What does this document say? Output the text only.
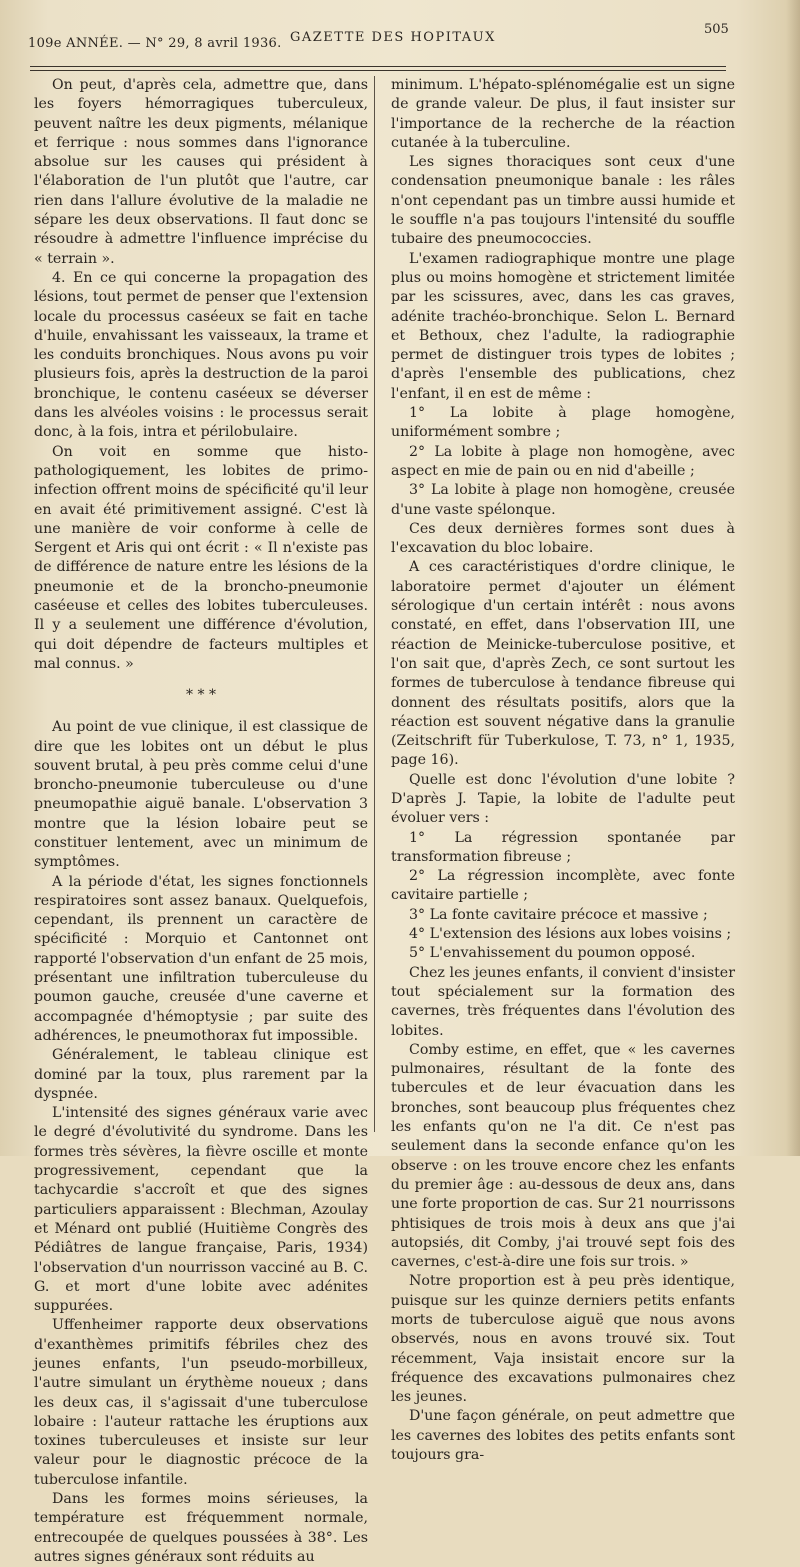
109e ANNÉE. — N° 29, 8 avril 1936. GAZETTE DES HOPITAUX
505

On peut, d'après cela, admettre que, dans les foyers hémorragiques tuberculeux, peuvent naître les deux pigments, mélanique et ferrique : nous sommes dans l'ignorance absolue sur les causes qui président à l'élaboration de l'un plutôt que l'autre, car rien dans l'allure évolutive de la maladie ne sépare les deux observations. Il faut donc se résoudre à admettre l'influence imprécise du « terrain ».

4. En ce qui concerne la propagation des lésions, tout permet de penser que l'extension locale du processus caséeux se fait en tache d'huile, envahissant les vaisseaux, la trame et les conduits bronchiques. Nous avons pu voir plusieurs fois, après la destruction de la paroi bronchique, le contenu caséeux se déverser dans les alvéoles voisins : le processus serait donc, à la fois, intra et périlobulaire.

On voit en somme que histo-pathologiquement, les lobites de primo-infection offrent moins de spécificité qu'il leur en avait été primitivement assigné. C'est là une manière de voir conforme à celle de Sergent et Aris qui ont écrit : « Il n'existe pas de différence de nature entre les lésions de la pneumonie et de la broncho-pneumonie caséeuse et celles des lobites tuberculeuses. Il y a seulement une différence d'évolution, qui doit dépendre de facteurs multiples et mal connus. »

* * *

Au point de vue clinique, il est classique de dire que les lobites ont un début le plus souvent brutal, à peu près comme celui d'une broncho-pneumonie tuberculeuse ou d'une pneumopathie aiguë banale. L'observation 3 montre que la lésion lobaire peut se constituer lentement, avec un minimum de symptômes.

A la période d'état, les signes fonctionnels respiratoires sont assez banaux. Quelquefois, cependant, ils prennent un caractère de spécificité : Morquio et Cantonnet ont rapporté l'observation d'un enfant de 25 mois, présentant une infiltration tuberculeuse du poumon gauche, creusée d'une caverne et accompagnée d'hémoptysie ; par suite des adhérences, le pneumothorax fut impossible.

Généralement, le tableau clinique est dominé par la toux, plus rarement par la dyspnée.

L'intensité des signes généraux varie avec le degré d'évolutivité du syndrome. Dans les formes très sévères, la fièvre oscille et monte progressivement, cependant que la tachycardie s'accroît et que des signes particuliers apparaissent : Blechman, Azoulay et Ménard ont publié (Huitième Congrès des Pédiâtres de langue française, Paris, 1934) l'observation d'un nourrisson vacciné au B. C. G. et mort d'une lobite avec adénites suppurées.

Uffenheimer rapporte deux observations d'exanthèmes primitifs fébriles chez des jeunes enfants, l'un pseudo-morbilleux, l'autre simulant un érythème noueux ; dans les deux cas, il s'agissait d'une tuberculose lobaire : l'auteur rattache les éruptions aux toxines tuberculeuses et insiste sur leur valeur pour le diagnostic précoce de la tuberculose infantile.

Dans les formes moins sérieuses, la température est fréquemment normale, entrecoupée de quelques poussées à 38°. Les autres signes généraux sont réduits au

minimum. L'hépato-splénomégalie est un signe de grande valeur. De plus, il faut insister sur l'importance de la recherche de la réaction cutanée à la tuberculine.

Les signes thoraciques sont ceux d'une condensation pneumonique banale : les râles n'ont cependant pas un timbre aussi humide et le souffle n'a pas toujours l'intensité du souffle tubaire des pneumococcies.

L'examen radiographique montre une plage plus ou moins homogène et strictement limitée par les scissures, avec, dans les cas graves, adénite trachéo-bronchique. Selon L. Bernard et Bethoux, chez l'adulte, la radiographie permet de distinguer trois types de lobites ; d'après l'ensemble des publications, chez l'enfant, il en est de même :

1° La lobite à plage homogène, uniformément sombre ;

2° La lobite à plage non homogène, avec aspect en mie de pain ou en nid d'abeille ;

3° La lobite à plage non homogène, creusée d'une vaste spélonque.

Ces deux dernières formes sont dues à l'excavation du bloc lobaire.

A ces caractéristiques d'ordre clinique, le laboratoire permet d'ajouter un élément sérologique d'un certain intérêt : nous avons constaté, en effet, dans l'observation III, une réaction de Meinicke-tuberculose positive, et l'on sait que, d'après Zech, ce sont surtout les formes de tuberculose à tendance fibreuse qui donnent des résultats positifs, alors que la réaction est souvent négative dans la granulie (Zeitschrift für Tuberkulose, T. 73, n° 1, 1935, page 16).

Quelle est donc l'évolution d'une lobite ? D'après J. Tapie, la lobite de l'adulte peut évoluer vers :

1° La régression spontanée par transformation fibreuse ;

2° La régression incomplète, avec fonte cavitaire partielle ;

3° La fonte cavitaire précoce et massive ;

4° L'extension des lésions aux lobes voisins ;

5° L'envahissement du poumon opposé.

Chez les jeunes enfants, il convient d'insister tout spécialement sur la formation des cavernes, très fréquentes dans l'évolution des lobites.

Comby estime, en effet, que « les cavernes pulmonaires, résultant de la fonte des tubercules et de leur évacuation dans les bronches, sont beaucoup plus fréquentes chez les enfants qu'on ne l'a dit. Ce n'est pas seulement dans la seconde enfance qu'on les observe : on les trouve encore chez les enfants du premier âge : au-dessous de deux ans, dans une forte proportion de cas. Sur 21 nourrissons phtisiques de trois mois à deux ans que j'ai autopsiés, dit Comby, j'ai trouvé sept fois des cavernes, c'est-à-dire une fois sur trois. »

Notre proportion est à peu près identique, puisque sur les quinze derniers petits enfants morts de tuberculose aiguë que nous avons observés, nous en avons trouvé six. Tout récemment, Vaja insistait encore sur la fréquence des excavations pulmonaires chez les jeunes.

D'une façon générale, on peut admettre que les cavernes des lobites des petits enfants sont toujours gra-
